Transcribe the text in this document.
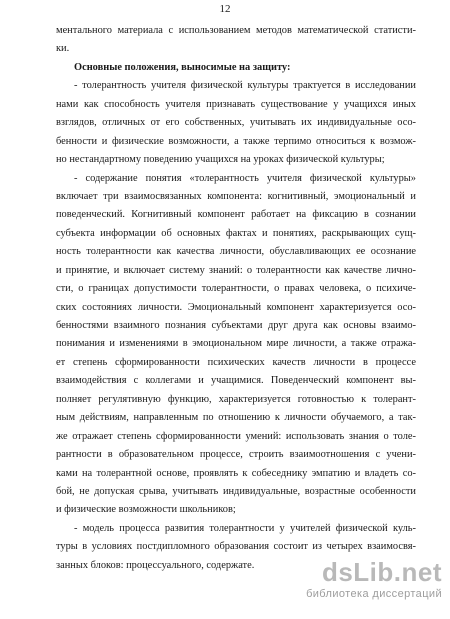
12
ментального материала с использованием методов математической статисти-
ки.
Основные положения, выносимые на защиту:
- толерантность учителя физической культуры трактуется в исследовании
нами как способность учителя признавать существование у учащихся иных
взглядов, отличных от его собственных, учитывать их индивидуальные осо-
бенности и физические возможности, а также терпимо относиться к возмож-
но нестандартному поведению учащихся на уроках физической культуры;
- содержание понятия «толерантность учителя физической культуры»
включает три взаимосвязанных компонента: когнитивный, эмоциональный и
поведенческий. Когнитивный компонент работает на фиксацию в сознании
субъекта информации об основных фактах и понятиях, раскрывающих сущ-
ность толерантности как качества личности, обуславливающих ее осознание
и принятие, и включает систему знаний: о толерантности как качестве лично-
сти, о границах допустимости толерантности, о правах человека, о психиче-
ских состояниях личности. Эмоциональный компонент характеризуется осо-
бенностями взаимного познания субъектами друг друга как основы взаимо-
понимания и изменениями в эмоциональном мире личности, а также отража-
ет степень сформированности психических качеств личности в процессе
взаимодействия с коллегами и учащимися. Поведенческий компонент вы-
полняет регулятивную функцию, характеризуется готовностью к толерант-
ным действиям, направленным по отношению к личности обучаемого, а так-
же отражает степень сформированности умений: использовать знания о толе-
рантности в образовательном процессе, строить взаимоотношения с учени-
ками на толерантной основе, проявлять к собеседнику эмпатию и владеть со-
бой, не допуская срыва, учитывать индивидуальные, возрастные особенности
и физические возможности школьников;
- модель процесса развития толерантности у учителей физической куль-
туры в условиях постдипломного образования состоит из четырех взаимосвя-
занных блоков: процессуального, содержате.	dsLib.net
библиотека диссертаций
